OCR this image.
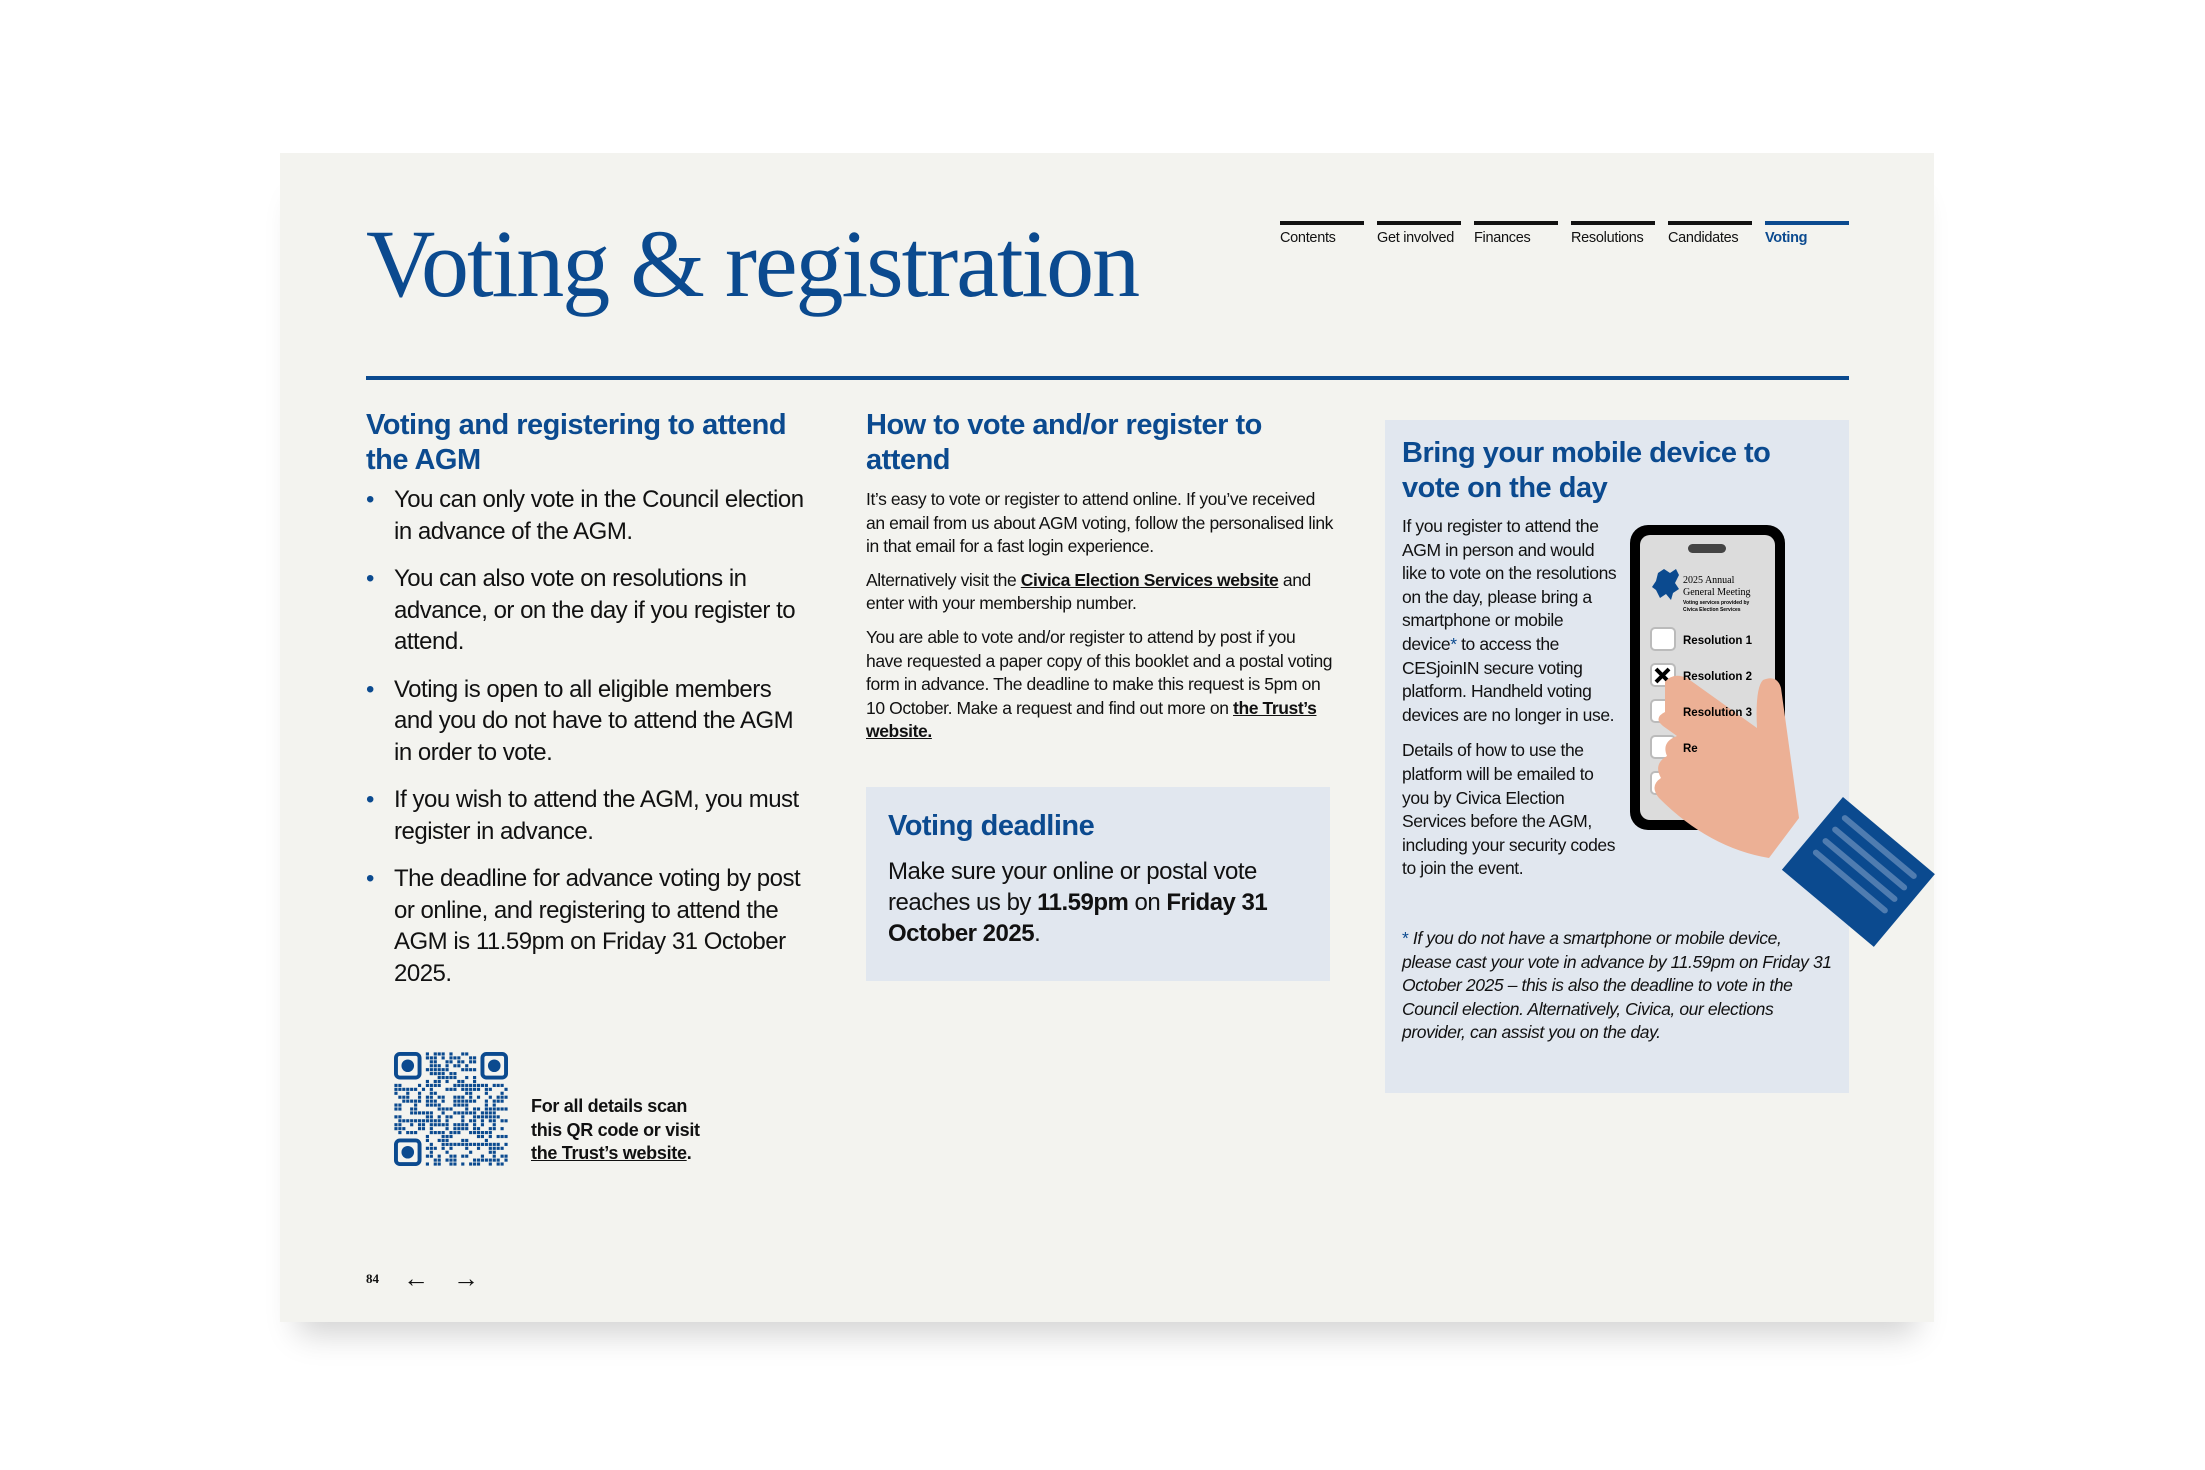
Voting & registration	Contents	Get involved	Finances	Resolutions	Candidates	Voting
Voting and registering to attend the AGM
• You can only vote in the Council election in advance of the AGM.
• You can also vote on resolutions in advance, or on the day if you register to attend.
• Voting is open to all eligible members and you do not have to attend the AGM in order to vote.
• If you wish to attend the AGM, you must register in advance.
• The deadline for advance voting by post or online, and registering to attend the AGM is 11.59pm on Friday 31 October 2025.
How to vote and/or register to attend

It’s easy to vote or register to attend online. If you’ve received an email from us about AGM voting, follow the personalised link in that email for a fast login experience.

Alternatively visit the Civica Election Services website and enter with your membership number.

You are able to vote and/or register to attend by post if you have requested a paper copy of this booklet and a postal voting form in advance. The deadline to make this request is 5pm on 10 October. Make a request and find out more on the Trust’s website.

Voting deadline

Make sure your online or postal vote reaches us by 11.59pm on Friday 31 October 2025.

Bring your mobile device to vote on the day

If you register to attend the AGM in person and would like to vote on the resolutions on the day, please bring a smartphone or mobile device* to access the CESjoinIN secure voting platform. Handheld voting devices are no longer in use.

Details of how to use the platform will be emailed to you by Civica Election Services before the AGM, including your security codes to join the event.

* If you do not have a smartphone or mobile device, please cast your vote in advance by 11.59pm on Friday 31 October 2025 – this is also the deadline to vote in the Council election. Alternatively, Civica, our elections provider, can assist you on the day.
2025 Annual
General Meeting
Voting services provided by
Civica Election Services
Resolution 1
Resolution 2
Resolution 3
Re
For all details scan
this QR code or visit
the Trust’s website.
84 ← →
